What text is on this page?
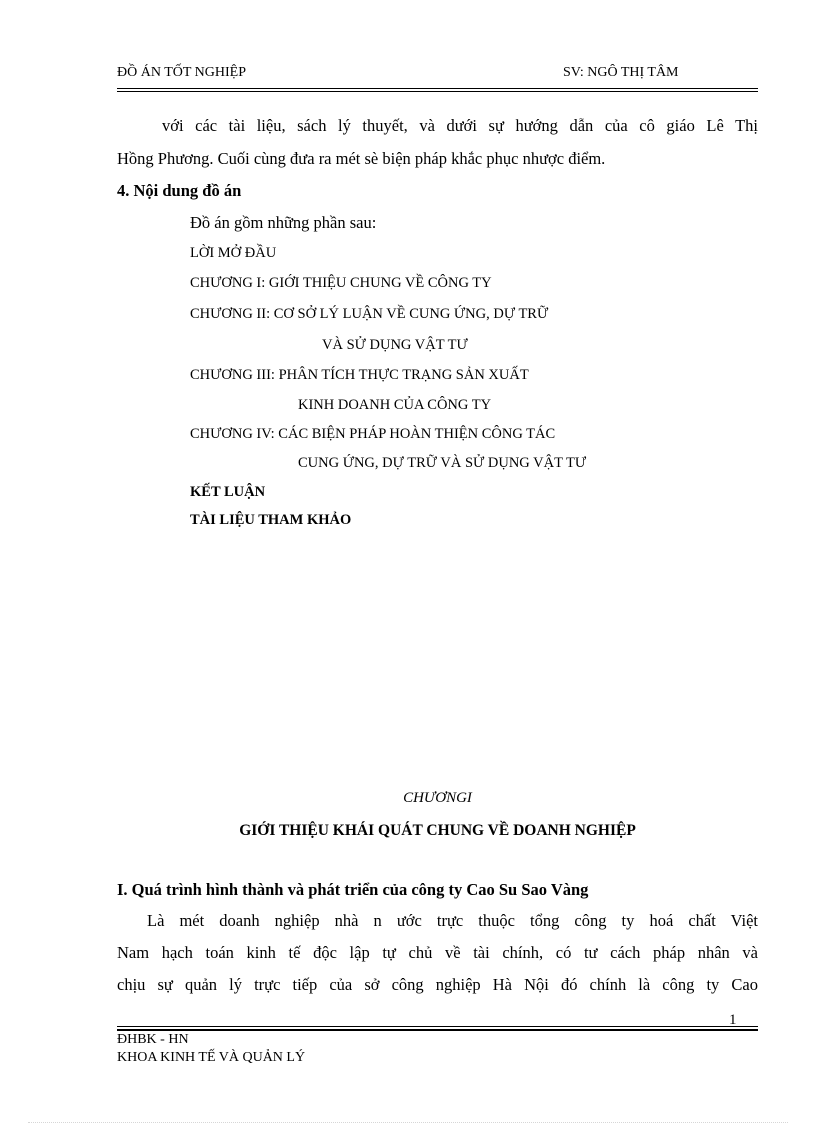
ĐỒ ÁN TỐT NGHIỆP	SV: NGÔ THỊ TÂM
với các tài liệu, sách lý thuyết, và dưới sự hướng dẫn của cô giáo Lê Thị
Hồng Phương. Cuối cùng đưa ra mét sè biện pháp khắc phục nhược điểm.
4. Nội dung đồ án
Đồ án gồm những phần sau:
LỜI MỞ ĐẦU
CHƯƠNG I: GIỚI THIỆU CHUNG VỀ CÔNG TY
CHƯƠNG II: CƠ SỞ LÝ LUẬN VỀ CUNG ỨNG, DỰ TRỮ
VÀ SỬ DỤNG VẬT TƯ
CHƯƠNG III: PHÂN TÍCH THỰC TRẠNG SẢN XUẤT
KINH DOANH CỦA CÔNG TY
CHƯƠNG IV: CÁC BIỆN PHÁP HOÀN THIỆN CÔNG TÁC
CUNG ỨNG, DỰ TRỮ VÀ SỬ DỤNG VẬT TƯ
KẾT LUẬN
TÀI LIỆU THAM KHẢO
CHƯƠNGI
GIỚI THIỆU KHÁI QUÁT CHUNG VỀ DOANH NGHIỆP
I. Quá trình hình thành và phát triển của công ty Cao Su Sao Vàng
Là mét doanh nghiệp nhà n ước trực thuộc tổng công ty hoá chất Việt
Nam hạch toán kinh tế độc lập tự chủ về tài chính, có tư cách pháp nhân và
chịu sự quản lý trực tiếp của sở công nghiệp Hà Nội đó chính là công ty Cao
1
ĐHBK - HN
KHOA KINH TẾ VÀ QUẢN LÝ
